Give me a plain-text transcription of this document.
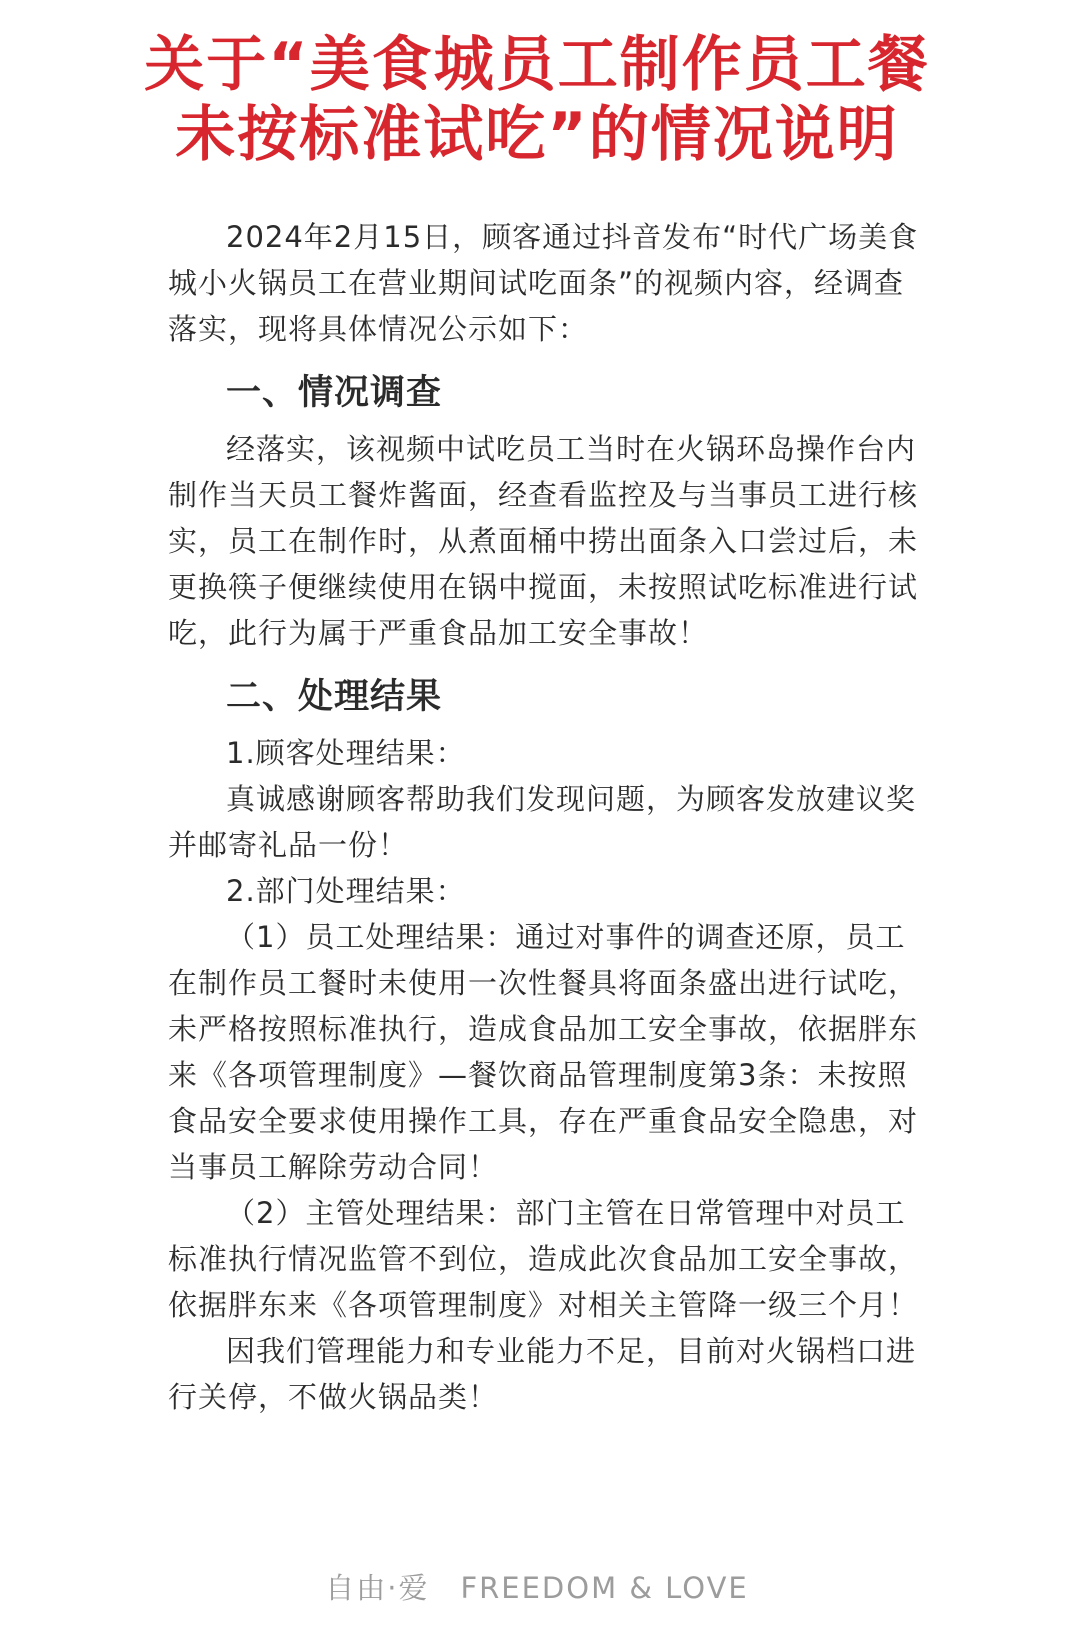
关于“美食城员工制作员工餐
未按标准试吃”的情况说明

2024年2月15日，顾客通过抖音发布“时代广场美食城小火锅员工在营业期间试吃面条”的视频内容，经调查落实，现将具体情况公示如下：

一、情况调查

经落实，该视频中试吃员工当时在火锅环岛操作台内制作当天员工餐炸酱面，经查看监控及与当事员工进行核实，员工在制作时，从煮面桶中捞出面条入口尝过后，未更换筷子便继续使用在锅中搅面，未按照试吃标准进行试吃，此行为属于严重食品加工安全事故！

二、处理结果

1.顾客处理结果：

真诚感谢顾客帮助我们发现问题，为顾客发放建议奖并邮寄礼品一份！

2.部门处理结果：

（1）员工处理结果：通过对事件的调查还原，员工在制作员工餐时未使用一次性餐具将面条盛出进行试吃，未严格按照标准执行，造成食品加工安全事故，依据胖东来《各项管理制度》—餐饮商品管理制度第3条：未按照食品安全要求使用操作工具，存在严重食品安全隐患，对当事员工解除劳动合同！

（2）主管处理结果：部门主管在日常管理中对员工标准执行情况监管不到位，造成此次食品加工安全事故，依据胖东来《各项管理制度》对相关主管降一级三个月！

因我们管理能力和专业能力不足，目前对火锅档口进行关停，不做火锅品类！

自由·爱　FREEDOM & LOVE
